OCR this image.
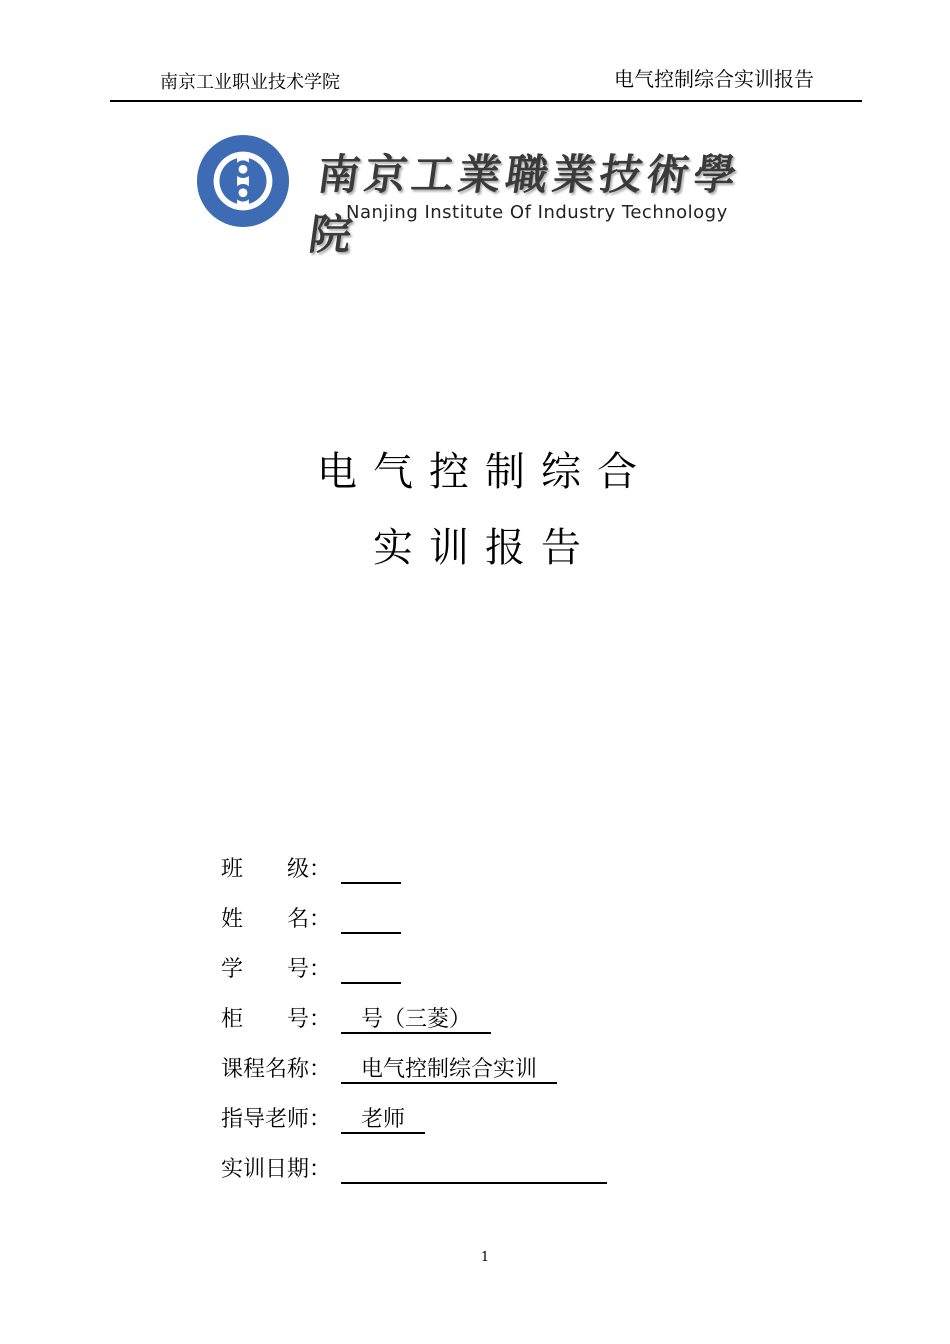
南京工业职业技术学院	电气控制综合实训报告
南京工業職業技術學院
Nanjing Institute Of Industry Technology
电气控制综合
实训报告
班　　级：
姓　　名：
学　　号：
柜　　号：	号（三菱）
课程名称：	电气控制综合实训
指导老师：	老师
实训日期：
1
